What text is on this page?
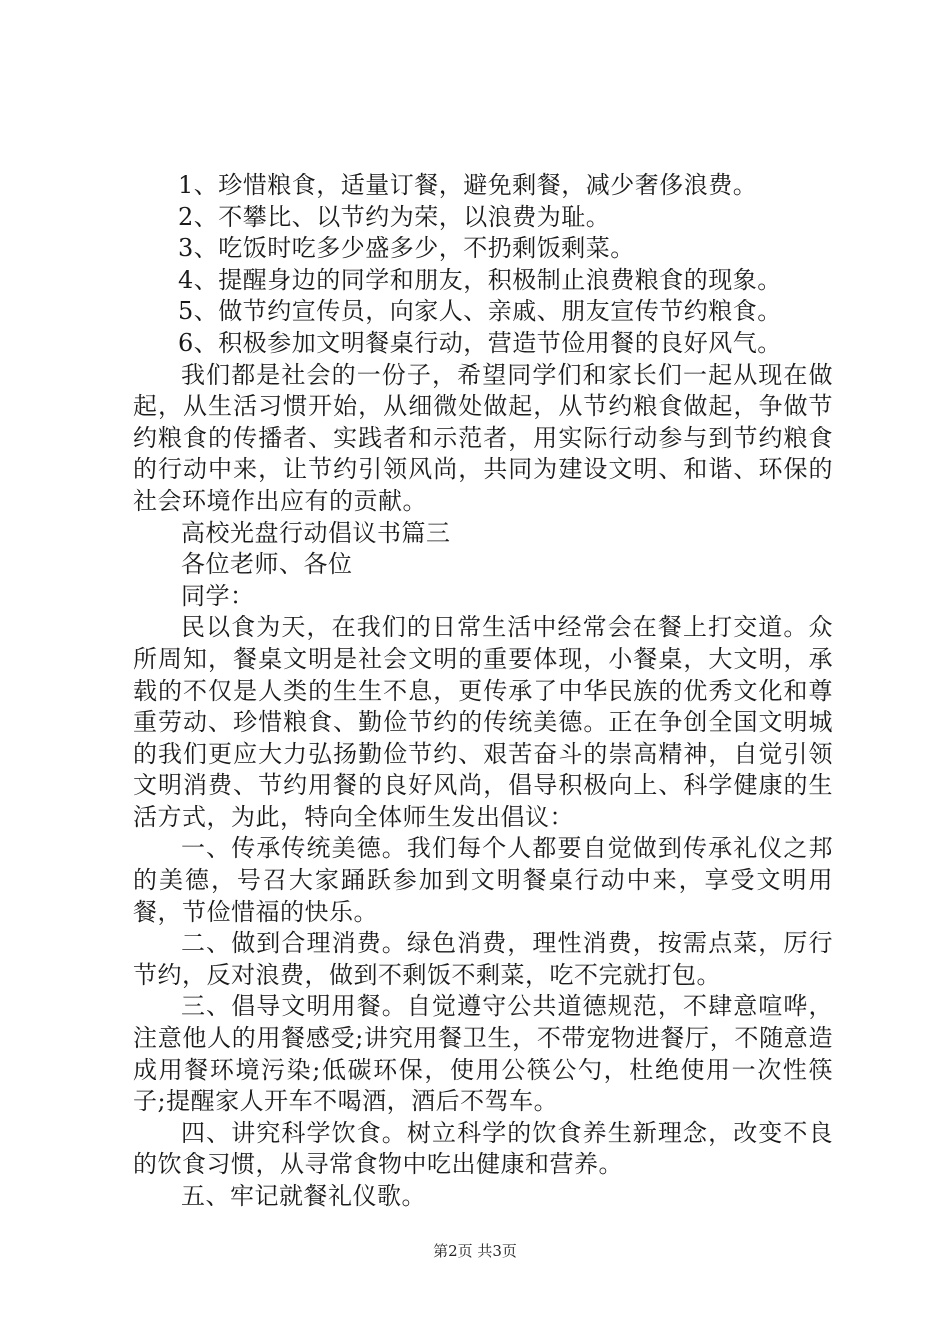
1、珍惜粮食，适量订餐，避免剩餐，减少奢侈浪费。

2、不攀比、以节约为荣，以浪费为耻。

3、吃饭时吃多少盛多少，不扔剩饭剩菜。

4、提醒身边的同学和朋友，积极制止浪费粮食的现象。

5、做节约宣传员，向家人、亲戚、朋友宣传节约粮食。

6、积极参加文明餐桌行动，营造节俭用餐的良好风气。

我们都是社会的一份子，希望同学们和家长们一起从现在做起，从生活习惯开始，从细微处做起，从节约粮食做起，争做节约粮食的传播者、实践者和示范者，用实际行动参与到节约粮食的行动中来，让节约引领风尚，共同为建设文明、和谐、环保的社会环境作出应有的贡献。

高校光盘行动倡议书篇三

各位老师、各位

同学：

民以食为天，在我们的日常生活中经常会在餐上打交道。众所周知，餐桌文明是社会文明的重要体现，小餐桌，大文明，承载的不仅是人类的生生不息，更传承了中华民族的优秀文化和尊重劳动、珍惜粮食、勤俭节约的传统美德。正在争创全国文明城的我们更应大力弘扬勤俭节约、艰苦奋斗的崇高精神，自觉引领文明消费、节约用餐的良好风尚，倡导积极向上、科学健康的生活方式，为此，特向全体师生发出倡议：

一、传承传统美德。我们每个人都要自觉做到传承礼仪之邦的美德，号召大家踊跃参加到文明餐桌行动中来，享受文明用餐，节俭惜福的快乐。

二、做到合理消费。绿色消费，理性消费，按需点菜，厉行节约，反对浪费，做到不剩饭不剩菜，吃不完就打包。

三、倡导文明用餐。自觉遵守公共道德规范，不肆意喧哗，注意他人的用餐感受;讲究用餐卫生，不带宠物进餐厅，不随意造成用餐环境污染;低碳环保，使用公筷公勺，杜绝使用一次性筷子;提醒家人开车不喝酒，酒后不驾车。

四、讲究科学饮食。树立科学的饮食养生新理念，改变不良的饮食习惯，从寻常食物中吃出健康和营养。

五、牢记就餐礼仪歌。

第2页 共3页
